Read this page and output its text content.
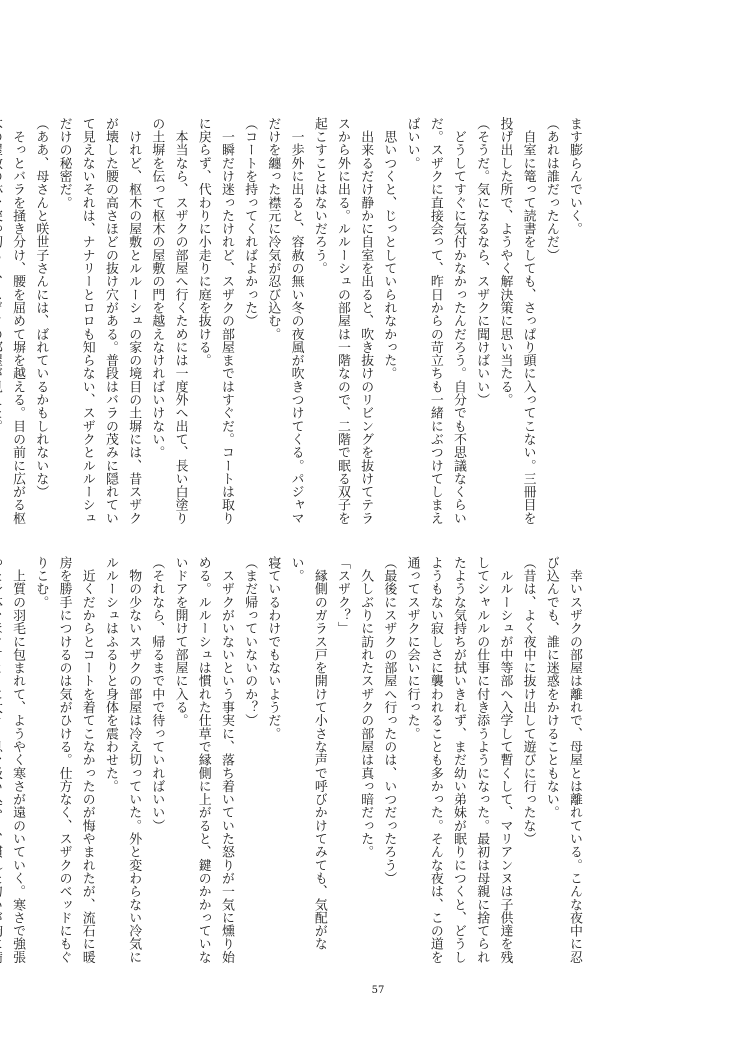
ます膨らんでいく。
（あれは誰だったんだ）
　自室に篭って読書をしても、さっぱり頭に入ってこない。三冊目を
投げ出した所で、ようやく解決策に思い当たる。
（そうだ。気になるなら、スザクに聞けばいい）
　どうしてすぐに気付かなかったんだろう。自分でも不思議なくらい
だ。スザクに直接会って、昨日からの苛立ちも一緒にぶつけてしまえ
ばいい。
　思いつくと、じっとしていられなかった。
　出来るだけ静かに自室を出ると、吹き抜けのリビングを抜けてテラ
スから外に出る。ルルーシュの部屋は一階なので、二階で眠る双子を
起こすことはないだろう。
　一歩外に出ると、容赦の無い冬の夜風が吹きつけてくる。パジャマ
だけを纏った襟元に冷気が忍び込む。
（コートを持ってくればよかった）
　一瞬だけ迷ったけれど、スザクの部屋まではすぐだ。コートは取り
に戻らず、代わりに小走りに庭を抜ける。
　本当なら、スザクの部屋へ行くためには一度外へ出て、長い白塗り
の土塀を伝って枢木の屋敷の門を越えなければいけない。
　けれど、枢木の屋敷とルルーシュの家の境目の土塀には、昔スザク
が壊した腰の高さほどの抜け穴がある。普段はバラの茂みに隠れてい
て見えないそれは、ナナリーとロロも知らない、スザクとルルーシュ
だけの秘密だ。
（ああ、母さんと咲世子さんには、ばれているかもしれないな）
　そっとバラを掻き分け、腰を屈めて塀を越える。目の前に広がる枢
　幸いスザクの部屋は離れで、母屋とは離れている。こんな夜中に忍
び込んでも、誰に迷惑をかけることもない。
（昔は、よく夜中に抜け出して遊びに行ったな）
　ルルーシュが中等部へ入学して暫くして、マリアンヌは子供達を残
してシャルルの仕事に付き添うようになった。最初は母親に捨てられ
たような気持ちが拭いきれず、まだ幼い弟妹が眠りにつくと、どうし
ようもない寂しさに襲われることも多かった。そんな夜は、この道を
通ってスザクに会いに行った。
（最後にスザクの部屋へ行ったのは、いつだったろう）
　久しぶりに訪れたスザクの部屋は真っ暗だった。
「スザク？」
　縁側のガラス戸を開けて小さな声で呼びかけてみても、気配がない。
寝ているわけでもないようだ。
（まだ帰っていないのか？）
　スザクがいないという事実に、落ち着いていた怒りが一気に燻り始
める。ルルーシュは慣れた仕草で縁側に上がると、鍵のかかっていな
いドアを開けて部屋に入る。
（それなら、帰るまで中で待っていればいい）
　物の少ないスザクの部屋は冷え切っていた。外と変わらない冷気に
ルルーシュはふるりと身体を震わせた。
　近くだからとコートを着てこなかったのが悔やまれたが、流石に暖
房を勝手につけるのは気がひける。仕方なく、スザクのベッドにもぐ
りこむ。
　上質の羽毛に包まれて、ようやく寒さが遠のいていく。寒さで強張
57
